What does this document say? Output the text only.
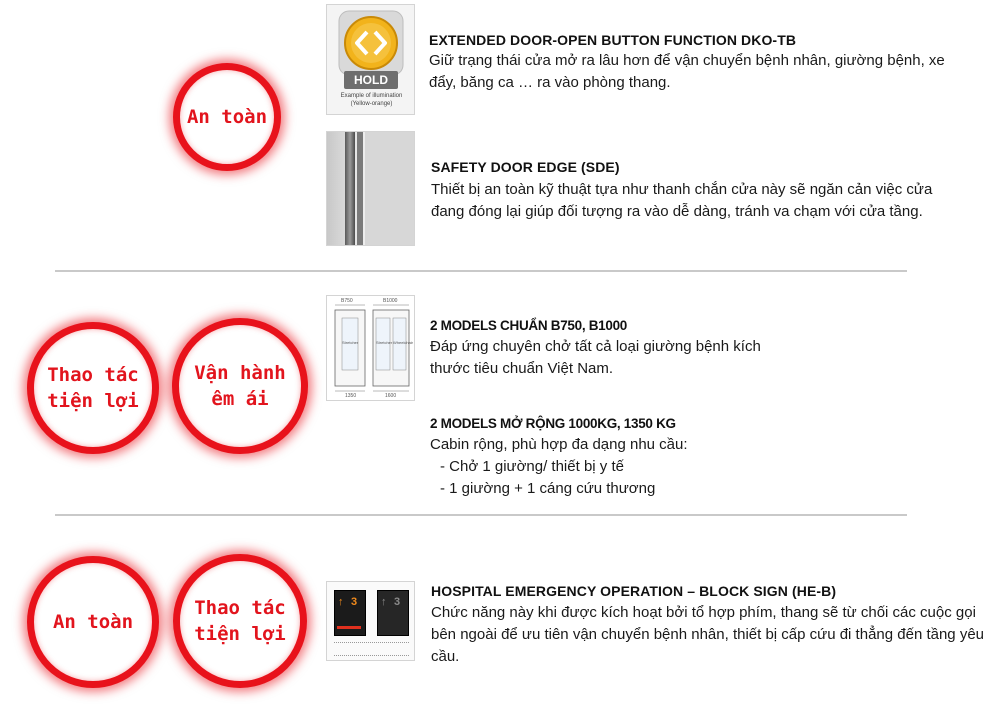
An toàn
HOLD
Example of illumination
(Yellow-orange)
EXTENDED DOOR-OPEN BUTTON FUNCTION DKO-TB
Giữ trạng thái cửa mở ra lâu hơn để vận chuyển bệnh nhân, giường bệnh, xe đẩy, băng ca … ra vào phòng thang.
SAFETY DOOR EDGE (SDE)
Thiết bị an toàn kỹ thuật tựa như thanh chắn cửa này sẽ ngăn cản việc cửa đang đóng lại giúp đối tượng ra vào dễ dàng, tránh va chạm với cửa tầng.
Thao tác
tiện lợi
Vận hành
êm ái
B750	B1000
Stretcher	Stretcher Wheelchair
1350	1600
2 MODELS CHUẨN B750, B1000
Đáp ứng chuyên chở tất cả loại giường bệnh kích thước tiêu chuẩn Việt Nam.
2 MODELS MỞ RỘNG 1000KG, 1350 KG
Cabin rộng, phù hợp đa dạng nhu cầu:
- Chở 1 giường/ thiết bị y tế
- 1 giường + 1 cáng cứu thương
An toàn
Thao tác
tiện lợi
↑ 3 ↑ 3
HOSPITAL EMERGENCY OPERATION – BLOCK SIGN (HE-B)
Chức năng này khi được kích hoạt bởi tổ hợp phím, thang sẽ từ chối các cuộc gọi bên ngoài để ưu tiên vận chuyển bệnh nhân, thiết bị cấp cứu đi thẳng đến tầng yêu cầu.
